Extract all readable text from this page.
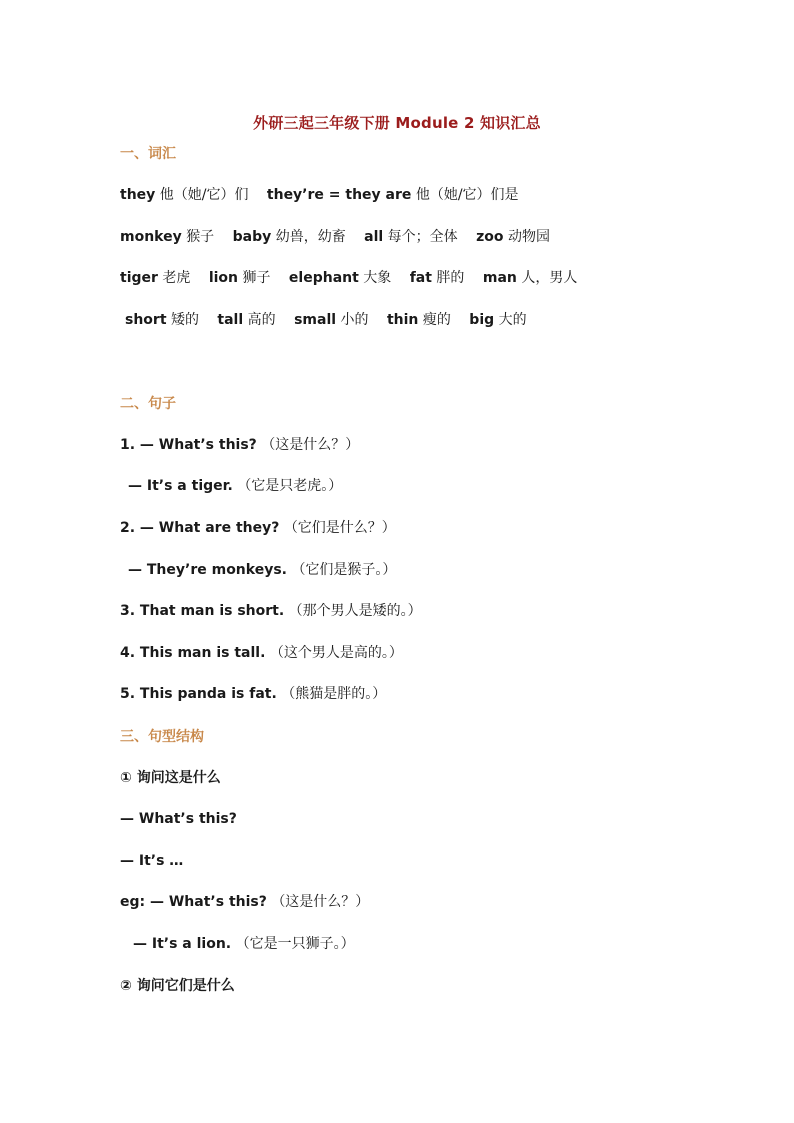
外研三起三年级下册 Module 2 知识汇总
一、词汇
they 他（她/它）们 they’re = they are 他（她/它）们是
monkey 猴子 baby 幼兽，幼畜 all 每个；全体 zoo 动物园
tiger 老虎 lion 狮子 elephant 大象 fat 胖的 man 人，男人
short 矮的 tall 高的 small 小的 thin 瘦的 big 大的
二、句子
1. — What’s this? （这是什么？）
— It’s a tiger. （它是只老虎。）
2. — What are they? （它们是什么？）
— They’re monkeys. （它们是猴子。）
3. That man is short. （那个男人是矮的。）
4. This man is tall. （这个男人是高的。）
5. This panda is fat. （熊猫是胖的。）
三、句型结构
① 询问这是什么
— What’s this?
— It’s …
eg: — What’s this? （这是什么？）
— It’s a lion. （它是一只狮子。）
② 询问它们是什么
